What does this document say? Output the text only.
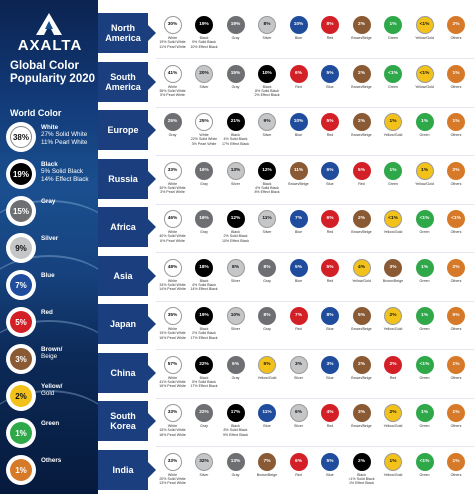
AXALTA
Global Color Popularity 2020
World Color
38%
White
27% Solid White
11% Pearl White
19%
Black
5% Solid Black
14% Effect Black
15%
Gray
9%
Silver
7%
Blue
5%
Red
3%
Brown/
Beige
2%
Yellow/
Gold
1%
Green
1%
Others
North America
30%
White
19% Solid White
11% Pearl White
19%
Black
9% Solid Black
10% Effect Black
19%
Gray
8%
Silver
10%
Blue
8%
Red
2%
Brown/Beige
1%
Green
<1%
Yellow/Gold
2%
Others
South America
41%
White
36% Solid White
5% Pearl White
20%
Silver
15%
Gray
10%
Black
8% Solid Black
2% Effect Black
6%
Red
5%
Blue
2%
Brown/Beige
<1%
Green
<1%
Yellow/Gold
1%
Others
Europe
25%
Gray
25%
White
22% Solid White
3% Pearl White
21%
Black
4% Solid Black
17% Effect Black
9%
Silver
10%
Blue
5%
Red
2%
Brown/Beige
1%
Yellow/Gold
1%
Green
1%
Others
Russia
33%
White
30% Solid White
3% Pearl White
16%
Gray
13%
Silver
12%
Black
4% Solid Black
8% Effect Black
11%
Brown/Beige
6%
Blue
5%
Red
1%
Green
1%
Yellow/Gold
2%
Others
Africa
46%
White
40% Solid White
6% Pearl White
16%
Gray
12%
Black
2% Solid Black
10% Effect Black
11%
Silver
7%
Blue
6%
Red
2%
Brown/Beige
<1%
Yellow/Gold
<1%
Green
<1%
Others
Asia
48%
White
34% Solid White
14% Pearl White
18%
Black
4% Solid Black
14% Effect Black
8%
Silver
8%
Gray
5%
Blue
5%
Red
4%
Yellow/Gold
3%
Brown/Beige
1%
Green
2%
Others
Japan
35%
White
19% Solid White
16% Pearl White
19%
Black
2% Solid Black
17% Effect Black
10%
Silver
8%
Gray
7%
Red
8%
Blue
5%
Brown/Beige
2%
Yellow/Gold
1%
Green
5%
Others
China
57%
White
41% Solid White
16% Pearl White
22%
Black
5% Solid Black
17% Effect Black
6%
Gray
5%
Yellow/Gold
3%
Silver
3%
Blue
2%
Brown/Beige
2%
Red
<1%
Green
1%
Others
South Korea
33%
White
15% Solid White
18% Pearl White
22%
Gray
17%
Black
8% Solid Black
9% Effect Black
11%
Blue
6%
Silver
4%
Red
3%
Brown/Beige
2%
Yellow/Gold
1%
Green
1%
Others
India
33%
White
20% Solid White
13% Pearl White
32%
Silver
13%
Gray
7%
Brown/Beige
6%
Red
5%
Blue
2%
Black
<1% Solid Black
1% Effect Black
1%
Yellow/Gold
<1%
Green
1%
Others
